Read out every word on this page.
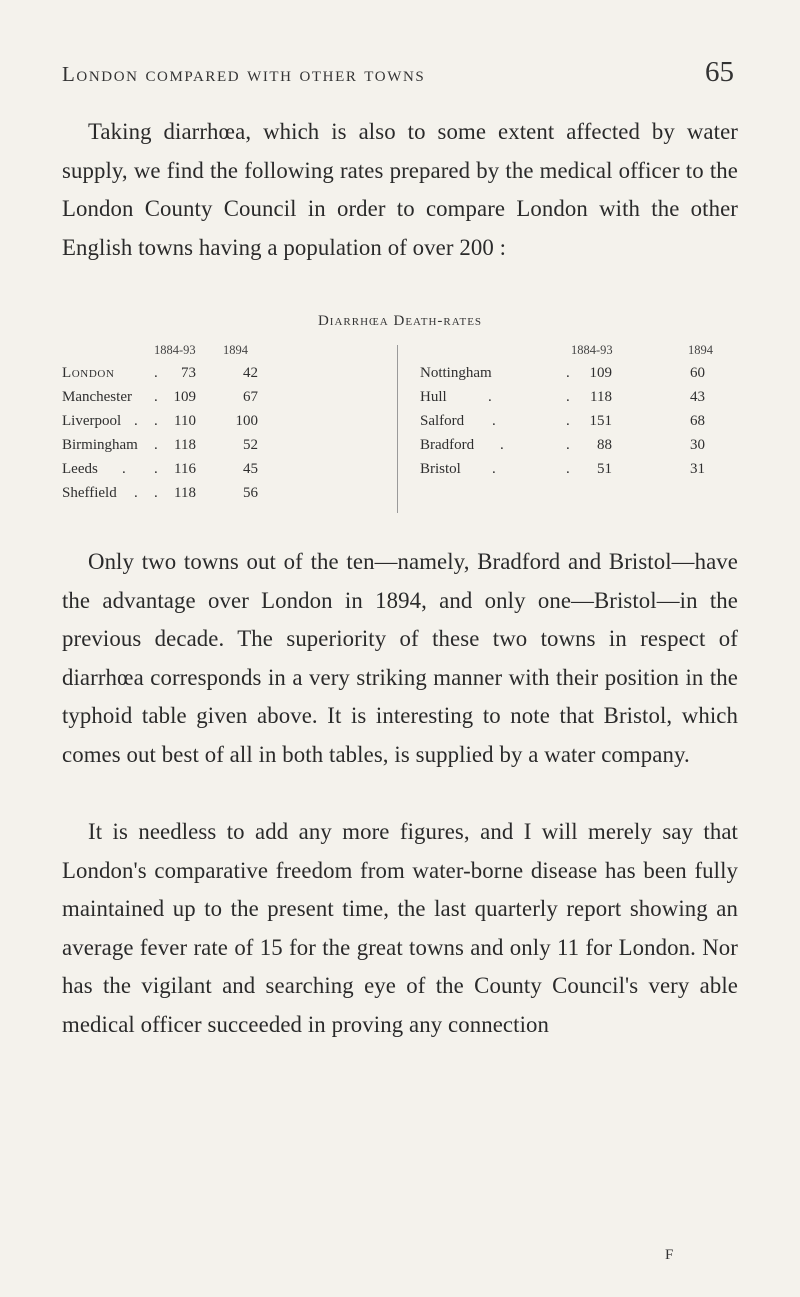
London compared with other towns	65

Taking diarrhœa, which is also to some extent affected by water supply, we find the following rates prepared by the medical officer to the London County Council in order to compare London with the other English towns having a population of over 200 :

Diarrhœa Death-rates
1884-93 1894	1884-93	1894
London	.	73	42
Manchester .	109	67
Liverpool . .	110	100
Birmingham .	118	52
Leeds . .	116	45
Sheffield . .	118	56
Nottingham	.	109	60
Hull	.	.	118	43
Salford .	.	151	68
Bradford .	.	88	30
Bristol .	.	51	31

Only two towns out of the ten—namely, Bradford and Bristol—have the advantage over London in 1894, and only one—Bristol—in the previous decade. The superiority of these two towns in respect of diarrhœa corresponds in a very striking manner with their position in the typhoid table given above. It is interesting to note that Bristol, which comes out best of all in both tables, is supplied by a water company.

It is needless to add any more figures, and I will merely say that London's comparative freedom from water-borne disease has been fully maintained up to the present time, the last quarterly report showing an average fever rate of 15 for the great towns and only 11 for London. Nor has the vigilant and searching eye of the County Council's very able medical officer succeeded in proving any connection

F
